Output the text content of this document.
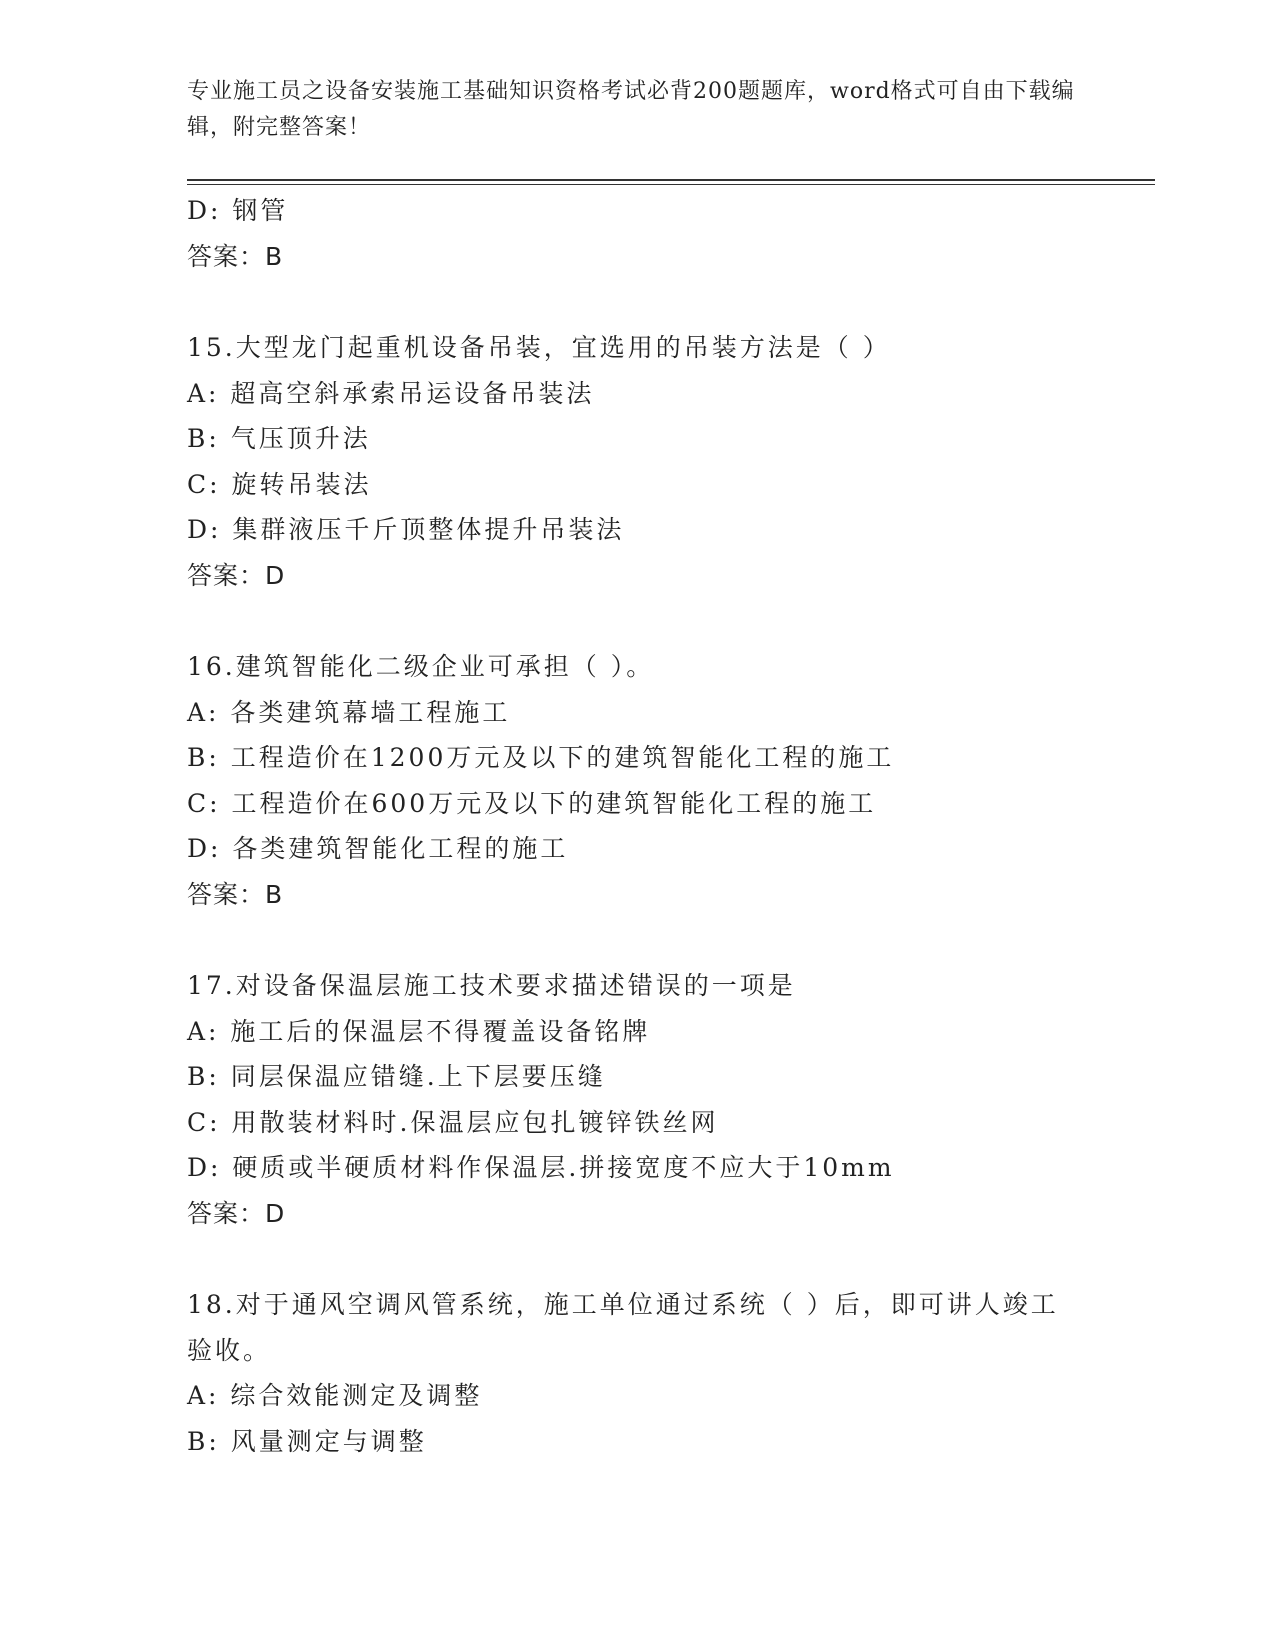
专业施工员之设备安装施工基础知识资格考试必背200题题库，word格式可自由下载编辑，附完整答案！
D: 钢管
答案：B
15.大型龙门起重机设备吊装，宜选用的吊装方法是（ ）
A: 超高空斜承索吊运设备吊装法
B: 气压顶升法
C: 旋转吊装法
D: 集群液压千斤顶整体提升吊装法
答案：D
16.建筑智能化二级企业可承担（ ）。
A: 各类建筑幕墙工程施工
B: 工程造价在1200万元及以下的建筑智能化工程的施工
C: 工程造价在600万元及以下的建筑智能化工程的施工
D: 各类建筑智能化工程的施工
答案：B
17.对设备保温层施工技术要求描述错误的一项是
A: 施工后的保温层不得覆盖设备铭牌
B: 同层保温应错缝.上下层要压缝
C: 用散装材料时.保温层应包扎镀锌铁丝网
D: 硬质或半硬质材料作保温层.拼接宽度不应大于10mm
答案：D
18.对于通风空调风管系统，施工单位通过系统（ ）后，即可讲人竣工验收。
A: 综合效能测定及调整
B: 风量测定与调整
